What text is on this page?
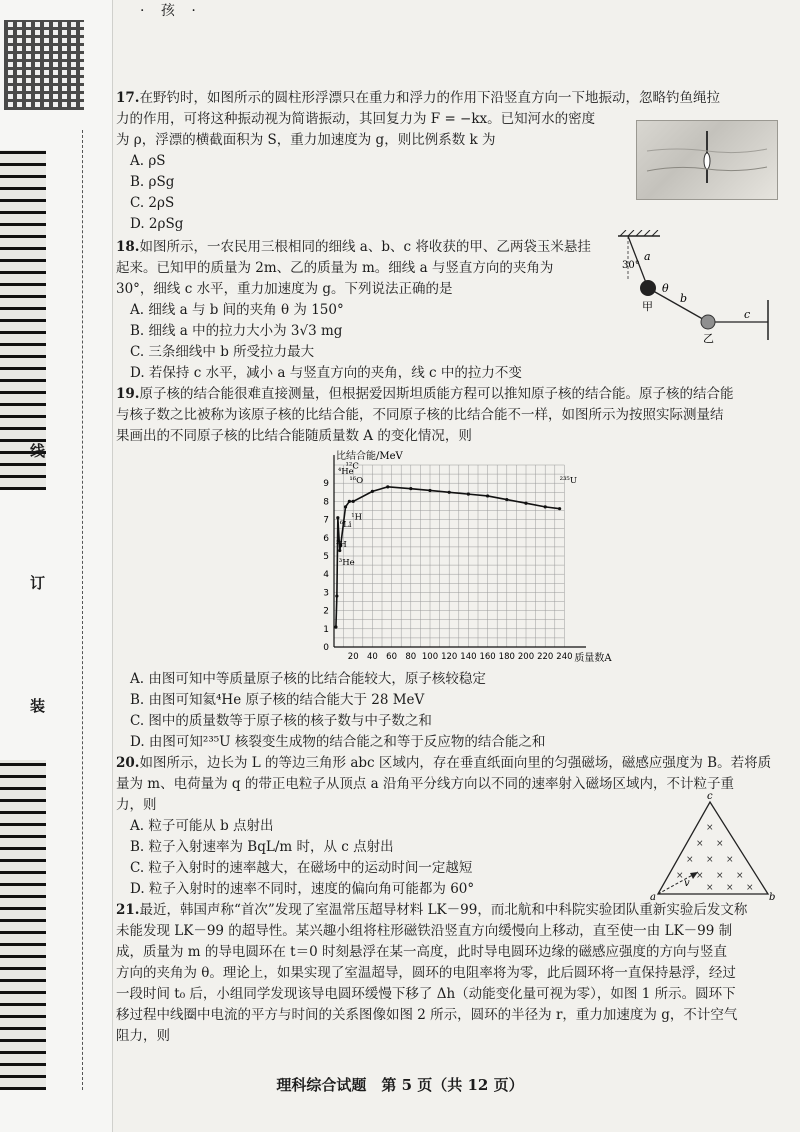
线
订
装
· 孩 ·
30°
a
θ
b
c
甲
乙
×
× ×
× × ×
× × × ×
× × ×
a	b
c
v

17.在野钓时，如图所示的圆柱形浮漂只在重力和浮力的作用下沿竖直方向一下地振动，忽略钓鱼绳拉

力的作用，可将这种振动视为简谐振动，其回复力为 F = −kx。已知河水的密度

为 ρ，浮漂的横截面积为 S，重力加速度为 g，则比例系数 k 为

A. ρS
B. ρSg
C. 2ρS
D. 2ρSg

18.如图所示，一农民用三根相同的细线 a、b、c 将收获的甲、乙两袋玉米悬挂

起来。已知甲的质量为 2m、乙的质量为 m。细线 a 与竖直方向的夹角为

30°，细线 c 水平，重力加速度为 g。下列说法正确的是

A. 细线 a 与 b 间的夹角 θ 为 150°
B. 细线 a 中的拉力大小为 3√3 mg
C. 三条细线中 b 所受拉力最大
D. 若保持 c 水平，减小 a 与竖直方向的夹角，线 c 中的拉力不变

19.原子核的结合能很难直接测量，但根据爱因斯坦质能方程可以推知原子核的结合能。原子核的结合能

与核子数之比被称为该原子核的比结合能，不同原子核的比结合能不一样，如图所示为按照实际测量结

果画出的不同原子核的比结合能随质量数 A 的变化情况，则

20 40 60 80 100 120 140 160 180 200 220 240
0
1
2
3
4
5
6
7
8
9
比结合能/MeV
质量数A
⁴He
¹²C
¹⁶O
⁶Li
²H
³He
²³⁵U
¹H
A. 由图可知中等质量原子核的比结合能较大，原子核较稳定
B. 由图可知氦⁴He 原子核的结合能大于 28 MeV
C. 图中的质量数等于原子核的核子数与中子数之和
D. 由图可知²³⁵U 核裂变生成物的结合能之和等于反应物的结合能之和

20.如图所示，边长为 L 的等边三角形 abc 区域内，存在垂直纸面向里的匀强磁场，磁感应强度为 B。若将质

量为 m、电荷量为 q 的带正电粒子从顶点 a 沿角平分线方向以不同的速率射入磁场区域内，不计粒子重

力，则

A. 粒子可能从 b 点射出
B. 粒子入射速率为 BqL/m 时，从 c 点射出
C. 粒子入射时的速率越大，在磁场中的运动时间一定越短
D. 粒子入射时的速率不同时，速度的偏向角可能都为 60°

21.最近，韩国声称“首次”发现了室温常压超导材料 LK－99，而北航和中科院实验团队重新实验后发文称

未能发现 LK－99 的超导性。某兴趣小组将柱形磁铁沿竖直方向缓慢向上移动，直至使一由 LK－99 制

成，质量为 m 的导电圆环在 t＝0 时刻悬浮在某一高度，此时导电圆环边缘的磁感应强度的方向与竖直

方向的夹角为 θ。理论上，如果实现了室温超导，圆环的电阻率将为零，此后圆环将一直保持悬浮，经过

一段时间 t₀ 后，小组同学发现该导电圆环缓慢下移了 Δh（动能变化量可视为零），如图 1 所示。圆环下

移过程中线圈中电流的平方与时间的关系图像如图 2 所示，圆环的半径为 r，重力加速度为 g，不计空气

阻力，则

理科综合试题　第 5 页（共 12 页）
